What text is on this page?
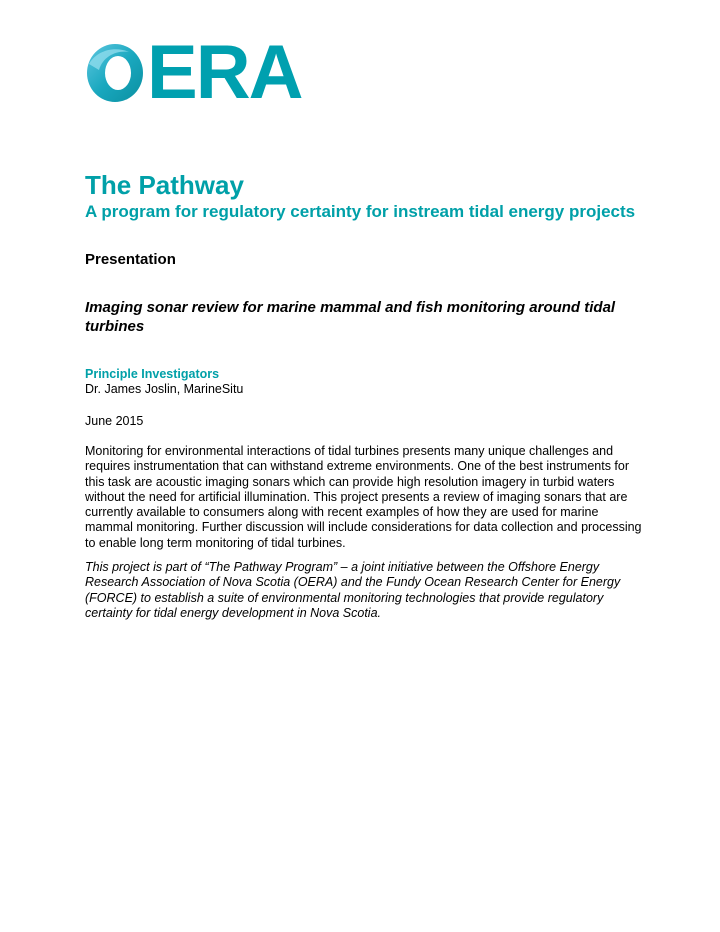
ERA
The Pathway
A program for regulatory certainty for instream tidal energy projects
Presentation
Imaging sonar review for marine mammal and fish monitoring around tidal turbines
Principle Investigators
Dr. James Joslin, MarineSitu
June 2015
Monitoring for environmental interactions of tidal turbines presents many unique challenges and requires instrumentation that can withstand extreme environments. One of the best instruments for this task are acoustic imaging sonars which can provide high resolution imagery in turbid waters without the need for artificial illumination. This project presents a review of imaging sonars that are currently available to consumers along with recent examples of how they are used for marine mammal monitoring. Further discussion will include considerations for data collection and processing to enable long term monitoring of tidal turbines.
This project is part of “The Pathway Program” – a joint initiative between the Offshore Energy Research Association of Nova Scotia (OERA) and the Fundy Ocean Research Center for Energy (FORCE) to establish a suite of environmental monitoring technologies that provide regulatory certainty for tidal energy development in Nova Scotia.
